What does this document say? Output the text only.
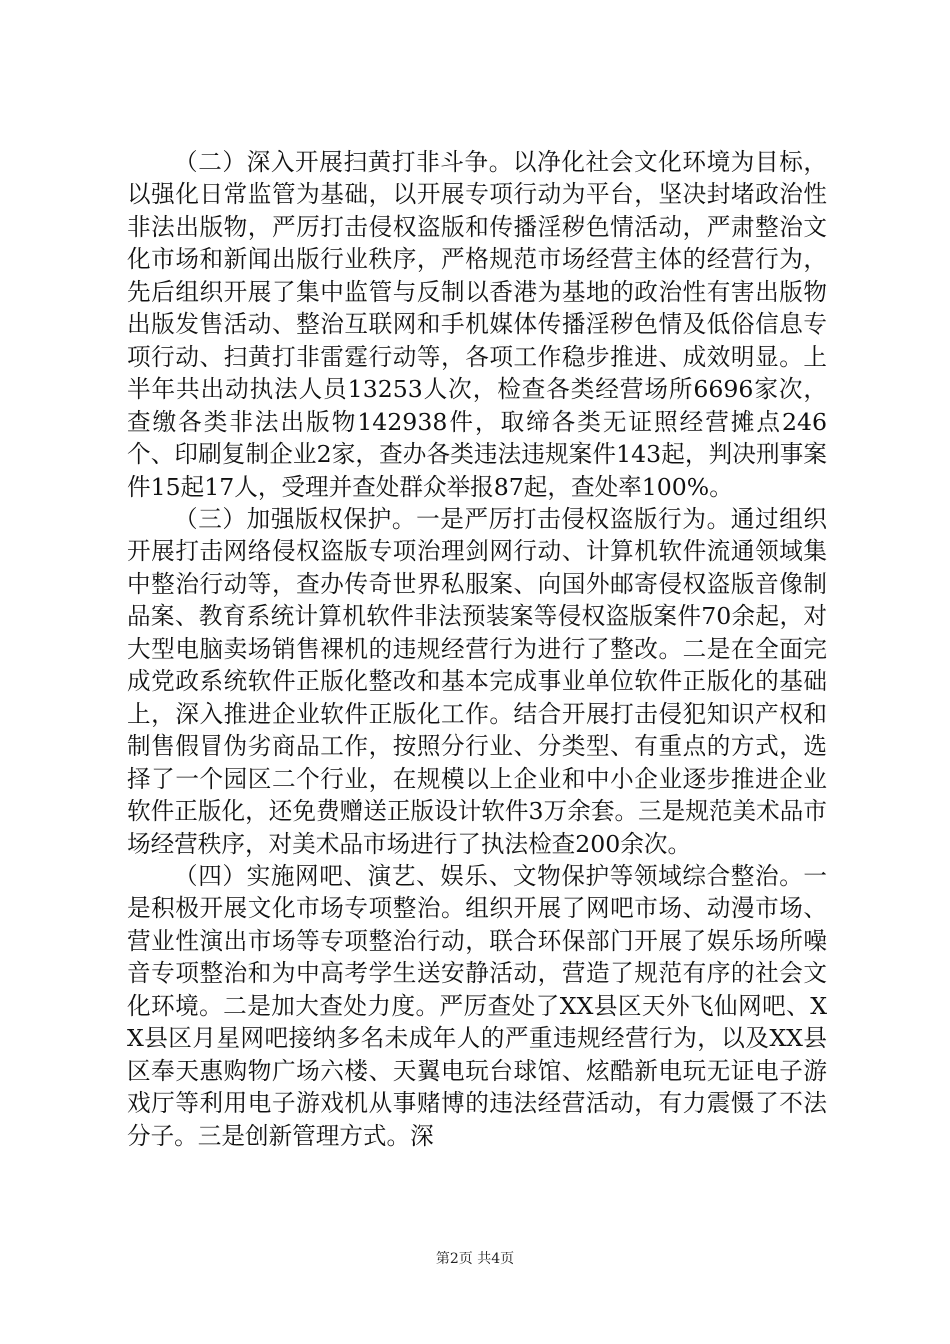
（二）深入开展扫黄打非斗争。以净化社会文化环境为目标，以强化日常监管为基础，以开展专项行动为平台，坚决封堵政治性非法出版物，严厉打击侵权盗版和传播淫秽色情活动，严肃整治文化市场和新闻出版行业秩序，严格规范市场经营主体的经营行为，先后组织开展了集中监管与反制以香港为基地的政治性有害出版物出版发售活动、整治互联网和手机媒体传播淫秽色情及低俗信息专项行动、扫黄打非雷霆行动等，各项工作稳步推进、成效明显。上半年共出动执法人员13253人次，检查各类经营场所6696家次，查缴各类非法出版物142938件，取缔各类无证照经营摊点246个、印刷复制企业2家，查办各类违法违规案件143起，判决刑事案件15起17人，受理并查处群众举报87起，查处率100%。

（三）加强版权保护。一是严厉打击侵权盗版行为。通过组织开展打击网络侵权盗版专项治理剑网行动、计算机软件流通领域集中整治行动等，查办传奇世界私服案、向国外邮寄侵权盗版音像制品案、教育系统计算机软件非法预装案等侵权盗版案件70余起，对大型电脑卖场销售裸机的违规经营行为进行了整改。二是在全面完成党政系统软件正版化整改和基本完成事业单位软件正版化的基础上，深入推进企业软件正版化工作。结合开展打击侵犯知识产权和制售假冒伪劣商品工作，按照分行业、分类型、有重点的方式，选择了一个园区二个行业，在规模以上企业和中小企业逐步推进企业软件正版化，还免费赠送正版设计软件3万余套。三是规范美术品市场经营秩序，对美术品市场进行了执法检查200余次。

（四）实施网吧、演艺、娱乐、文物保护等领域综合整治。一是积极开展文化市场专项整治。组织开展了网吧市场、动漫市场、营业性演出市场等专项整治行动，联合环保部门开展了娱乐场所噪音专项整治和为中高考学生送安静活动，营造了规范有序的社会文化环境。二是加大查处力度。严厉查处了XX县区天外飞仙网吧、XX县区月星网吧接纳多名未成年人的严重违规经营行为，以及XX县区奉天惠购物广场六楼、天翼电玩台球馆、炫酷新电玩无证电子游戏厅等利用电子游戏机从事赌博的违法经营活动，有力震慑了不法分子。三是创新管理方式。深

第2页 共4页
